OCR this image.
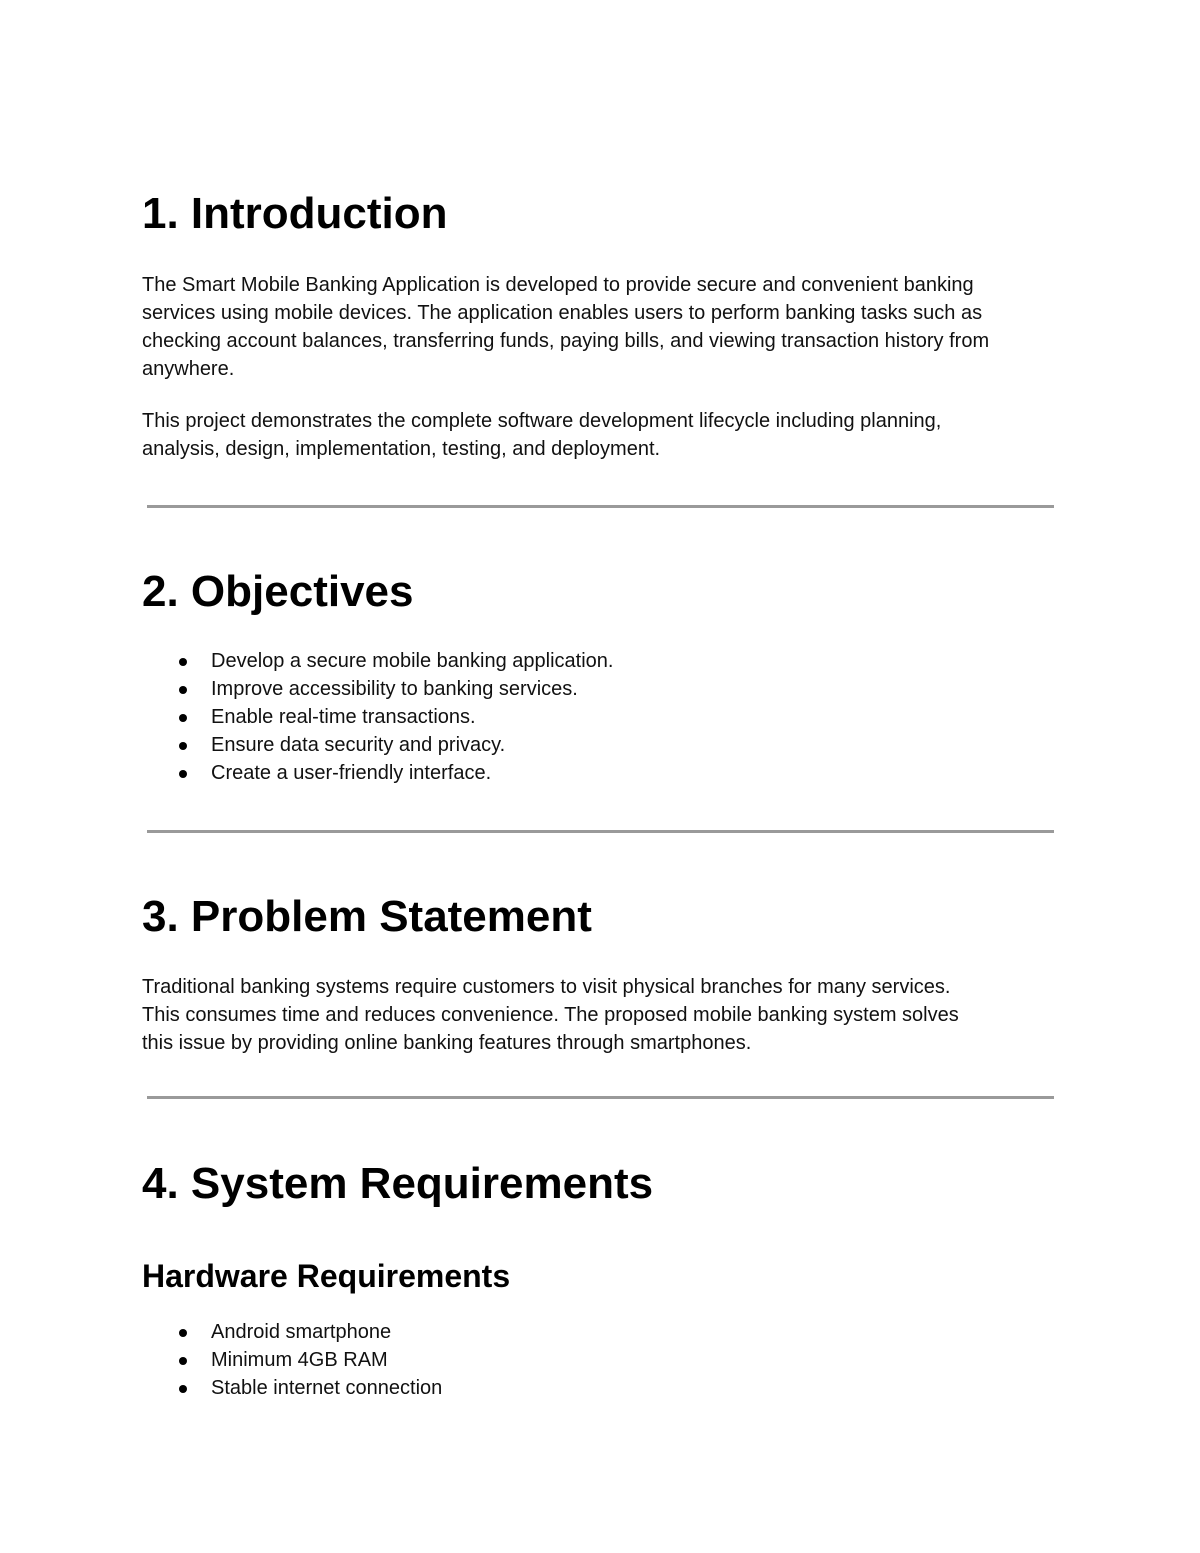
1. Introduction

The Smart Mobile Banking Application is developed to provide secure and convenient banking
services using mobile devices. The application enables users to perform banking tasks such as
checking account balances, transferring funds, paying bills, and viewing transaction history from
anywhere.

This project demonstrates the complete software development lifecycle including planning,
analysis, design, implementation, testing, and deployment.

2. Objectives
Develop a secure mobile banking application.
Improve accessibility to banking services.
Enable real-time transactions.
Ensure data security and privacy.
Create a user-friendly interface.
3. Problem Statement

Traditional banking systems require customers to visit physical branches for many services.
This consumes time and reduces convenience. The proposed mobile banking system solves
this issue by providing online banking features through smartphones.

4. System Requirements
Hardware Requirements
Android smartphone
Minimum 4GB RAM
Stable internet connection
